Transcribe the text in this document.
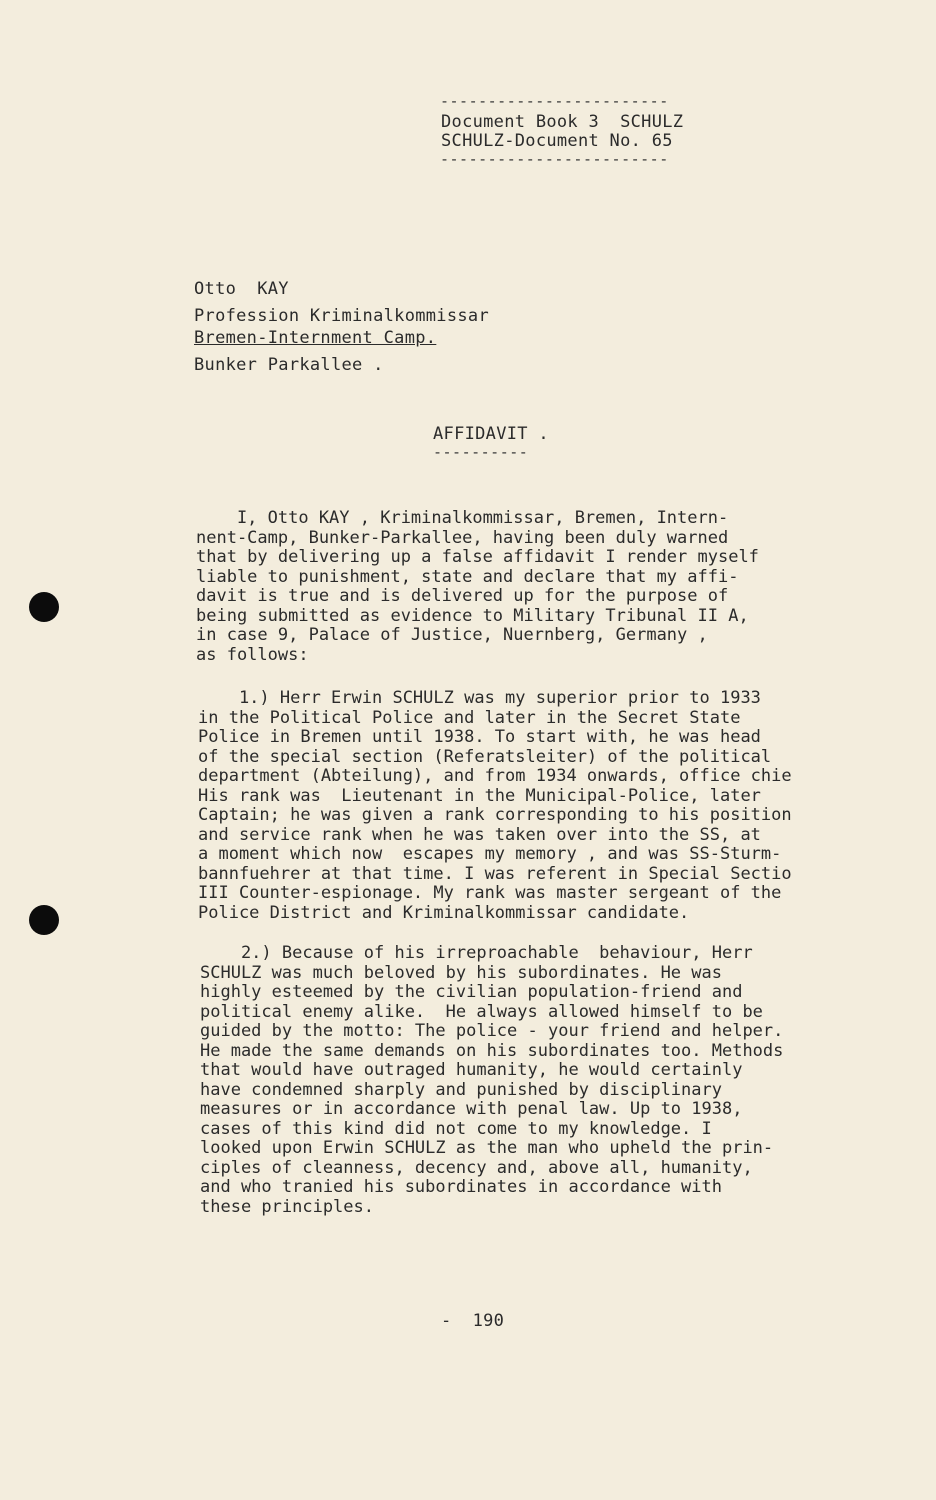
------------------------
Document Book 3  SCHULZ
SCHULZ-Document No. 65
------------------------
Otto  KAY
Profession Kriminalkommissar
Bremen-Internment Camp.
Bunker Parkallee .
AFFIDAVIT .
----------
I, Otto KAY , Kriminalkommissar, Bremen, Intern-
nent-Camp, Bunker-Parkallee, having been duly warned
that by delivering up a false affidavit I render myself
liable to punishment, state and declare that my affi-
davit is true and is delivered up for the purpose of
being submitted as evidence to Military Tribunal II A,
in case 9, Palace of Justice, Nuernberg, Germany ,
as follows:
1.) Herr Erwin SCHULZ was my superior prior to 1933
in the Political Police and later in the Secret State
Police in Bremen until 1938. To start with, he was head
of the special section (Referatsleiter) of the political
department (Abteilung), and from 1934 onwards, office chie
His rank was  Lieutenant in the Municipal-Police, later
Captain; he was given a rank corresponding to his position
and service rank when he was taken over into the SS, at
a moment which now  escapes my memory , and was SS-Sturm-
bannfuehrer at that time. I was referent in Special Sectio
III Counter-espionage. My rank was master sergeant of the
Police District and Kriminalkommissar candidate.
2.) Because of his irreproachable  behaviour, Herr
SCHULZ was much beloved by his subordinates. He was
highly esteemed by the civilian population-friend and
political enemy alike.  He always allowed himself to be
guided by the motto: The police - your friend and helper.
He made the same demands on his subordinates too. Methods
that would have outraged humanity, he would certainly
have condemned sharply and punished by disciplinary
measures or in accordance with penal law. Up to 1938,
cases of this kind did not come to my knowledge. I
looked upon Erwin SCHULZ as the man who upheld the prin-
ciples of cleanness, decency and, above all, humanity,
and who tranied his subordinates in accordance with
these principles.
-  190
